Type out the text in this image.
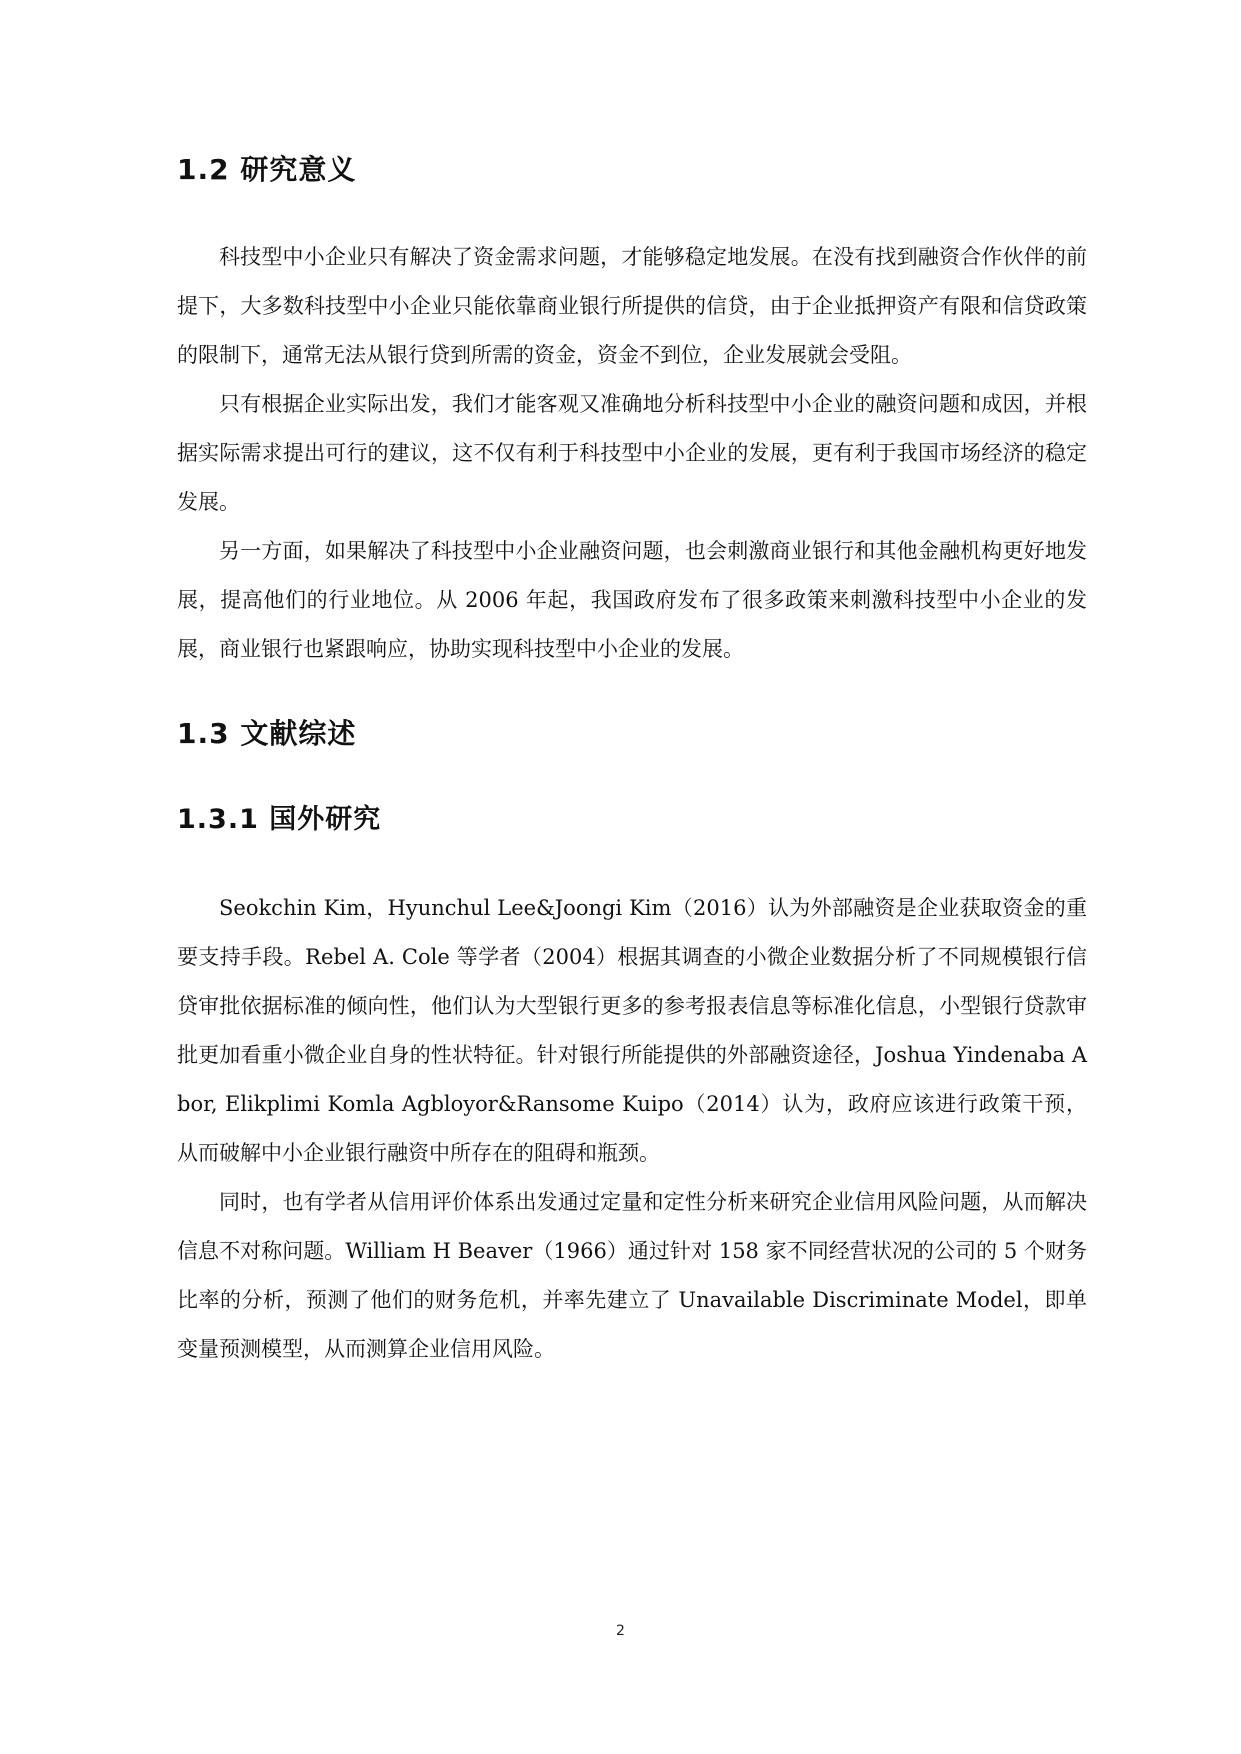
1.2 研究意义

科技型中小企业只有解决了资金需求问题，才能够稳定地发展。在没有找到融资合作伙伴的前提下，大多数科技型中小企业只能依靠商业银行所提供的信贷，由于企业抵押资产有限和信贷政策的限制下，通常无法从银行贷到所需的资金，资金不到位，企业发展就会受阻。

只有根据企业实际出发，我们才能客观又准确地分析科技型中小企业的融资问题和成因，并根据实际需求提出可行的建议，这不仅有利于科技型中小企业的发展，更有利于我国市场经济的稳定发展。

另一方面，如果解决了科技型中小企业融资问题，也会刺激商业银行和其他金融机构更好地发展，提高他们的行业地位。从 2006 年起，我国政府发布了很多政策来刺激科技型中小企业的发展，商业银行也紧跟响应，协助实现科技型中小企业的发展。

1.3 文献综述
1.3.1 国外研究

Seokchin Kim，Hyunchul Lee&Joongi Kim（2016）认为外部融资是企业获取资金的重要支持手段。Rebel A. Cole 等学者（2004）根据其调查的小微企业数据分析了不同规模银行信贷审批依据标准的倾向性，他们认为大型银行更多的参考报表信息等标准化信息，小型银行贷款审批更加看重小微企业自身的性状特征。针对银行所能提供的外部融资途径，Joshua Yindenaba Abor, Elikplimi Komla Agbloyor&Ransome Kuipo（2014）认为，政府应该进行政策干预，从而破解中小企业银行融资中所存在的阻碍和瓶颈。

同时，也有学者从信用评价体系出发通过定量和定性分析来研究企业信用风险问题，从而解决信息不对称问题。William H Beaver（1966）通过针对 158 家不同经营状况的公司的 5 个财务比率的分析，预测了他们的财务危机，并率先建立了 Unavailable Discriminate Model，即单变量预测模型，从而测算企业信用风险。

2
